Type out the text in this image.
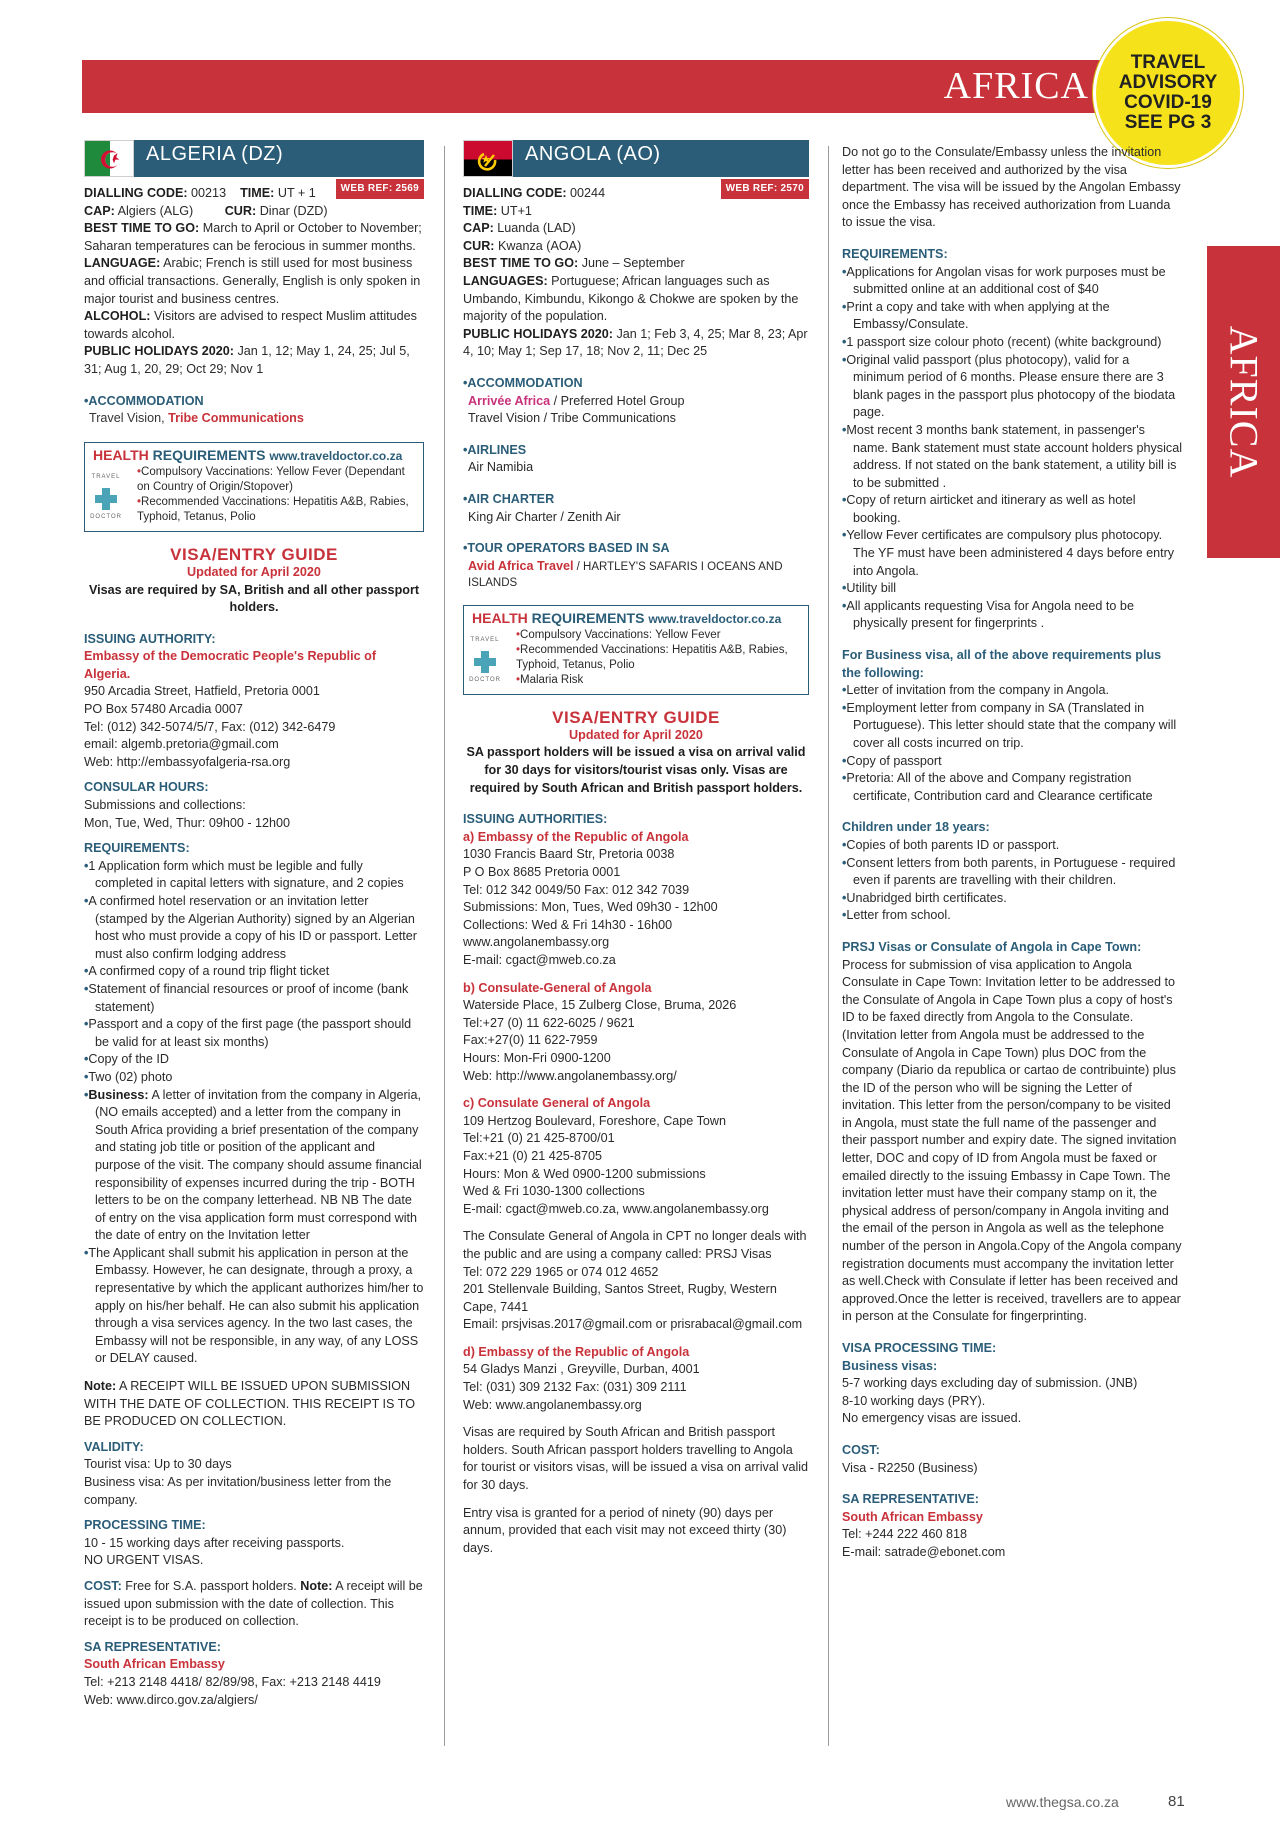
AFRICA
TRAVEL
ADVISORY
COVID-19
SEE PG 3
AFRICA
ALGERIA (DZ)
WEB REF: 2569
DIALLING CODE: 00213 TIME: UT + 1
CAP: Algiers (ALG)	CUR: Dinar (DZD)
BEST TIME TO GO: March to April or October to November; Saharan temperatures can be ferocious in summer months.
LANGUAGE: Arabic; French is still used for most business and official transactions. Generally, English is only spoken in major tourist and business centres.
ALCOHOL: Visitors are advised to respect Muslim attitudes towards alcohol.
PUBLIC HOLIDAYS 2020: Jan 1, 12; May 1, 24, 25; Jul 5, 31; Aug 1, 20, 29; Oct 29; Nov 1
• ACCOMMODATION
Travel Vision, Tribe Communications
HEALTH REQUIREMENTS www.traveldoctor.co.za
TRAVEL
DOCTOR
• Compulsory Vaccinations: Yellow Fever (Dependant on Country of Origin/Stopover)
• Recommended Vaccinations: Hepatitis A&B, Rabies, Typhoid, Tetanus, Polio
VISA/ENTRY GUIDE
Updated for April 2020
Visas are required by SA, British and all other passport holders.
ISSUING AUTHORITY:
Embassy of the Democratic People's Republic of Algeria.
950 Arcadia Street, Hatfield, Pretoria 0001
PO Box 57480 Arcadia 0007
Tel: (012) 342-5074/5/7, Fax: (012) 342-6479
email: algemb.pretoria@gmail.com
Web: http://embassyofalgeria-rsa.org
CONSULAR HOURS:
Submissions and collections:
Mon, Tue, Wed, Thur: 09h00 - 12h00
REQUIREMENTS:
• 1 Application form which must be legible and fully completed in capital letters with signature, and 2 copies
• A confirmed hotel reservation or an invitation letter (stamped by the Algerian Authority) signed by an Algerian host who must provide a copy of his ID or passport. Letter must also confirm lodging address
• A confirmed copy of a round trip flight ticket
• Statement of financial resources or proof of income (bank statement)
• Passport and a copy of the first page (the passport should be valid for at least six months)
• Copy of the ID
• Two (02) photo
• Business: A letter of invitation from the company in Algeria, (NO emails accepted) and a letter from the company in South Africa providing a brief presentation of the company and stating job title or position of the applicant and purpose of the visit. The company should assume financial responsibility of expenses incurred during the trip - BOTH letters to be on the company letterhead. NB NB The date of entry on the visa application form must correspond with the date of entry on the Invitation letter
• The Applicant shall submit his application in person at the Embassy. However, he can designate, through a proxy, a representative by which the applicant authorizes him/her to apply on his/her behalf. He can also submit his application through a visa services agency. In the two last cases, the Embassy will not be responsible, in any way, of any LOSS or DELAY caused.
Note: A RECEIPT WILL BE ISSUED UPON SUBMISSION WITH THE DATE OF COLLECTION. THIS RECEIPT IS TO BE PRODUCED ON COLLECTION.
VALIDITY:
Tourist visa: Up to 30 days
Business visa: As per invitation/business letter from the company.
PROCESSING TIME:
10 - 15 working days after receiving passports.
NO URGENT VISAS.
COST: Free for S.A. passport holders. Note: A receipt will be issued upon submission with the date of collection. This receipt is to be produced on collection.
SA REPRESENTATIVE:
South African Embassy
Tel: +213 2148 4418/ 82/89/98, Fax: +213 2148 4419
Web: www.dirco.gov.za/algiers/
ANGOLA (AO)
WEB REF: 2570
DIALLING CODE: 00244
TIME: UT+1
CAP: Luanda (LAD)
CUR: Kwanza (AOA)
BEST TIME TO GO: June – September
LANGUAGES: Portuguese; African languages such as Umbando, Kimbundu, Kikongo & Chokwe are spoken by the majority of the population.
PUBLIC HOLIDAYS 2020: Jan 1; Feb 3, 4, 25; Mar 8, 23; Apr 4, 10; May 1; Sep 17, 18; Nov 2, 11; Dec 25
• ACCOMMODATION
Arrivée Africa / Preferred Hotel Group
Travel Vision / Tribe Communications
• AIRLINES
Air Namibia
• AIR CHARTER
King Air Charter / Zenith Air
• TOUR OPERATORS BASED IN SA
Avid Africa Travel / HARTLEY'S SAFARIS I OCEANS AND ISLANDS
HEALTH REQUIREMENTS www.traveldoctor.co.za
TRAVEL
DOCTOR
• Compulsory Vaccinations: Yellow Fever
• Recommended Vaccinations: Hepatitis A&B, Rabies, Typhoid, Tetanus, Polio
• Malaria Risk
VISA/ENTRY GUIDE
Updated for April 2020
SA passport holders will be issued a visa on arrival valid for 30 days for visitors/tourist visas only. Visas are required by South African and British passport holders.
ISSUING AUTHORITIES:
a) Embassy of the Republic of Angola
1030 Francis Baard Str, Pretoria 0038
P O Box 8685 Pretoria 0001
Tel: 012 342 0049/50 Fax: 012 342 7039
Submissions: Mon, Tues, Wed 09h30 - 12h00
Collections: Wed & Fri 14h30 - 16h00
www.angolanembassy.org
E-mail: cgact@mweb.co.za
b) Consulate-General of Angola
Waterside Place, 15 Zulberg Close, Bruma, 2026
Tel:+27 (0) 11 622-6025 / 9621
Fax:+27(0) 11 622-7959
Hours: Mon-Fri 0900-1200
Web: http://www.angolanembassy.org/
c) Consulate General of Angola
109 Hertzog Boulevard, Foreshore, Cape Town
Tel:+21 (0) 21 425-8700/01
Fax:+21 (0) 21 425-8705
Hours: Mon & Wed 0900-1200 submissions
Wed & Fri 1030-1300 collections
E-mail: cgact@mweb.co.za, www.angolanembassy.org
The Consulate General of Angola in CPT no longer deals with the public and are using a company called: PRSJ Visas
Tel: 072 229 1965 or 074 012 4652
201 Stellenvale Building, Santos Street, Rugby, Western Cape, 7441
Email: prsjvisas.2017@gmail.com or prisrabacal@gmail.com
d) Embassy of the Republic of Angola
54 Gladys Manzi , Greyville, Durban, 4001
Tel: (031) 309 2132 Fax: (031) 309 2111
Web: www.angolanembassy.org
Visas are required by South African and British passport holders. South African passport holders travelling to Angola for tourist or visitors visas, will be issued a visa on arrival valid for 30 days.
Entry visa is granted for a period of ninety (90) days per annum, provided that each visit may not exceed thirty (30) days.
Do not go to the Consulate/Embassy unless the invitation letter has been received and authorized by the visa department. The visa will be issued by the Angolan Embassy once the Embassy has received authorization from Luanda to issue the visa.
REQUIREMENTS:
• Applications for Angolan visas for work purposes must be submitted online at an additional cost of $40
• Print a copy and take with when applying at the Embassy/Consulate.
• 1 passport size colour photo (recent) (white background)
• Original valid passport (plus photocopy), valid for a minimum period of 6 months. Please ensure there are 3 blank pages in the passport plus photocopy of the biodata page.
• Most recent 3 months bank statement, in passenger's name. Bank statement must state account holders physical address. If not stated on the bank statement, a utility bill is to be submitted .
• Copy of return airticket and itinerary as well as hotel booking.
• Yellow Fever certificates are compulsory plus photocopy. The YF must have been administered 4 days before entry into Angola.
• Utility bill
• All applicants requesting Visa for Angola need to be physically present for fingerprints .
For Business visa, all of the above requirements plus the following:
• Letter of invitation from the company in Angola.
• Employment letter from company in SA (Translated in Portuguese). This letter should state that the company will cover all costs incurred on trip.
• Copy of passport
• Pretoria: All of the above and Company registration certificate, Contribution card and Clearance certificate
Children under 18 years:
• Copies of both parents ID or passport.
• Consent letters from both parents, in Portuguese - required even if parents are travelling with their children.
• Unabridged birth certificates.
• Letter from school.
PRSJ Visas or Consulate of Angola in Cape Town:
Process for submission of visa application to Angola Consulate in Cape Town: Invitation letter to be addressed to the Consulate of Angola in Cape Town plus a copy of host's ID to be faxed directly from Angola to the Consulate. (Invitation letter from Angola must be addressed to the Consulate of Angola in Cape Town) plus DOC from the company (Diario da republica or cartao de contribuinte) plus the ID of the person who will be signing the Letter of invitation. This letter from the person/company to be visited in Angola, must state the full name of the passenger and their passport number and expiry date. The signed invitation letter, DOC and copy of ID from Angola must be faxed or emailed directly to the issuing Embassy in Cape Town. The invitation letter must have their company stamp on it, the physical address of person/company in Angola inviting and the email of the person in Angola as well as the telephone number of the person in Angola.Copy of the Angola company registration documents must accompany the invitation letter as well.Check with Consulate if letter has been received and approved.Once the letter is received, travellers are to appear in person at the Consulate for fingerprinting.
VISA PROCESSING TIME:
Business visas:
5-7 working days excluding day of submission. (JNB)
8-10 working days (PRY).
No emergency visas are issued.
COST:
Visa - R2250 (Business)
SA REPRESENTATIVE:
South African Embassy
Tel: +244 222 460 818
E-mail: satrade@ebonet.com
www.thegsa.co.za	81
